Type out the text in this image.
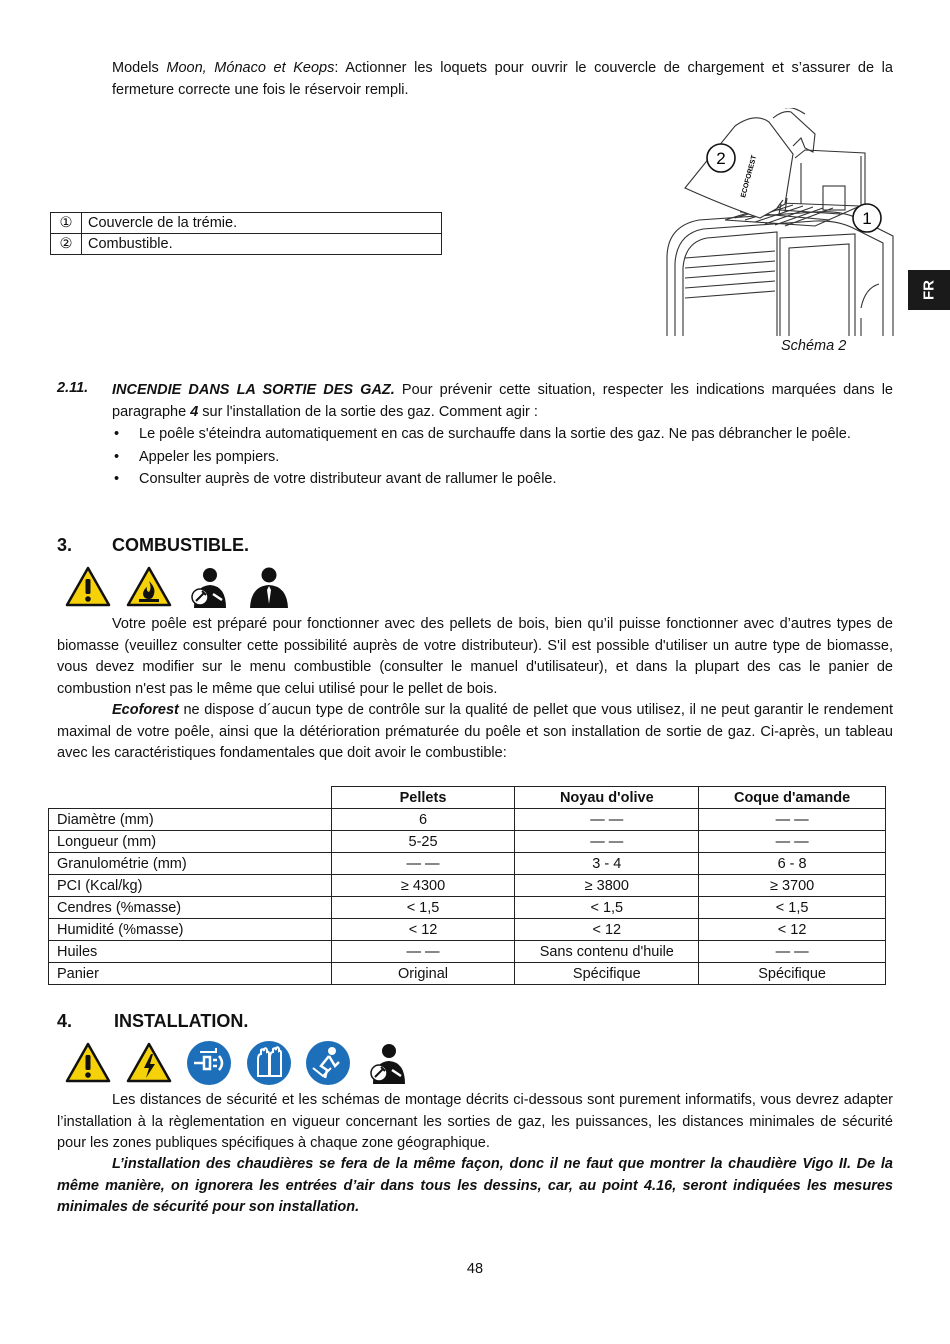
FR
Models Moon, Mónaco et Keops: Actionner les loquets pour ouvrir le couvercle de chargement et s’assurer de la fermeture correcte une fois le réservoir rempli.
①	Couvercle de la trémie.
②	Combustible.
2
1
ECOFOREST
Schéma 2
2.11. INCENDIE DANS LA SORTIE DES GAZ. Pour prévenir cette situation, respecter les indications marquées dans le paragraphe 4 sur l'installation de la sortie des gaz. Comment agir :
• Le poêle s'éteindra automatiquement en cas de surchauffe dans la sortie des gaz. Ne pas débrancher le poêle.
• Appeler les pompiers.
• Consulter auprès de votre distributeur avant de rallumer le poêle.
3. COMBUSTIBLE.
Votre poêle est préparé pour fonctionner avec des pellets de bois, bien qu’il puisse fonctionner avec d’autres types de biomasse (veuillez consulter cette possibilité auprès de votre distributeur). S'il est possible d'utiliser un autre type de biomasse, vous devez modifier sur le menu combustible (consulter le manuel d'utilisateur), et dans la plupart des cas le panier de combustion n'est pas le même que celui utilisé pour le pellet de bois.
Ecoforest ne dispose d´aucun type de contrôle sur la qualité de pellet que vous utilisez, il ne peut garantir le rendement maximal de votre poêle, ainsi que la détérioration prématurée du poêle et son installation de sortie de gaz. Ci-après, un tableau avec les caractéristiques fondamentales que doit avoir le combustible:
	Pellets	Noyau d'olive	Coque d'amande
Diamètre (mm)	6	— —	— —
Longueur (mm)	5-25	— —	— —
Granulométrie (mm)	— —	3 - 4	6 - 8
PCI (Kcal/kg)	≥ 4300	≥ 3800	≥ 3700
Cendres (%masse)	< 1,5	< 1,5	< 1,5
Humidité (%masse)	< 12	< 12	< 12
Huiles	— —	Sans contenu d'huile	— —
Panier	Original	Spécifique	Spécifique
4. INSTALLATION.
Les distances de sécurité et les schémas de montage décrits ci-dessous sont purement informatifs, vous devrez adapter l’installation à la règlementation en vigueur concernant les sorties de gaz, les puissances, les distances minimales de sécurité pour les zones publiques spécifiques à chaque zone géographique.
L’installation des chaudières se fera de la même façon, donc il ne faut que montrer la chaudière Vigo II. De la même manière, on ignorera les entrées d’air dans tous les dessins, car, au point 4.16, seront indiquées les mesures minimales de sécurité pour son installation.
48
